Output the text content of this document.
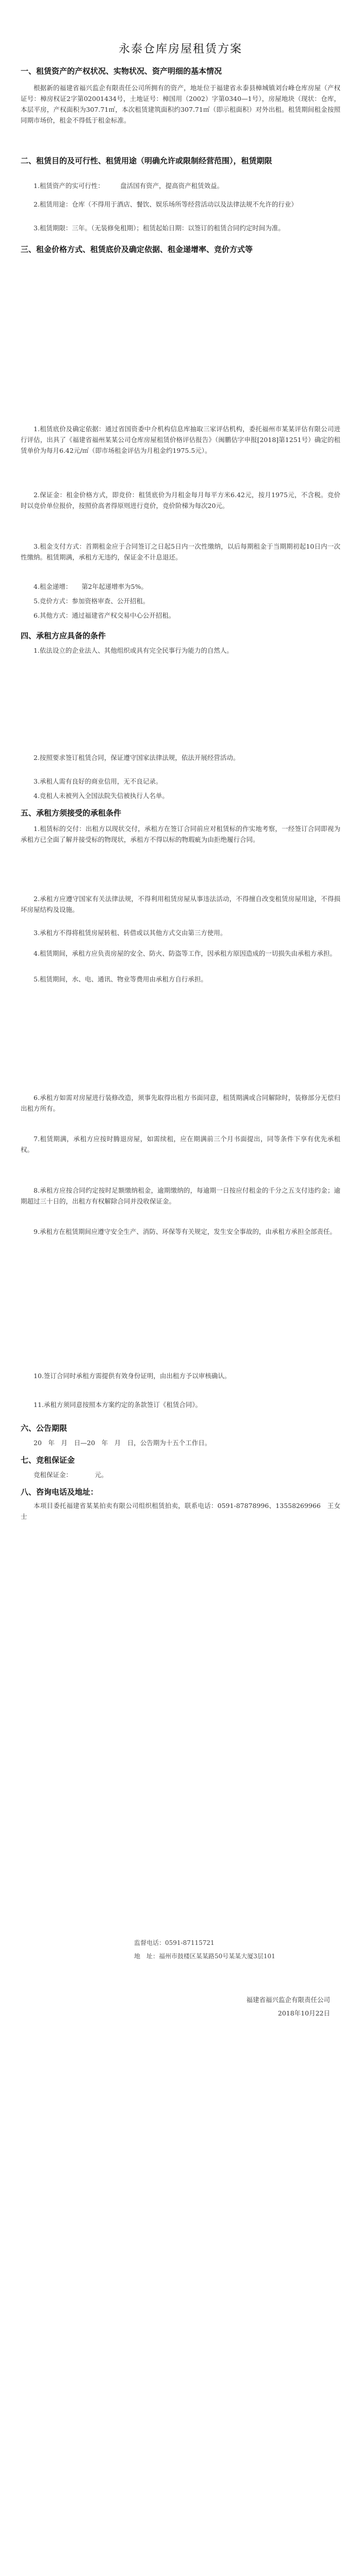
永泰仓库房屋租赁方案
一、租赁资产的产权状况、实物状况、资产明细的基本情况
根据新的福建省福兴监企有限责任公司所拥有的资产，地址位于福建省永泰县樟城镇刘台峰仓库房屋（产权证号：樟房权证2字第02001434号，土地证号：樟国用（2002）字第0340—1号），房屋地块（现状：仓库，本层平房，产权面积为307.71㎡，本次租赁建筑面积约307.71㎡（即示租面积）对外出租。租赁期间租金按照同期市场价，租金不得低于租金标准。
二、租赁目的及可行性、租赁用途（明确允许或限制经营范围），租赁期限
1.租赁资产的实可行性：　　　盘活国有资产，提高资产租赁效益。
2.租赁用途：仓库（不得用于酒店、餐饮、娱乐场所等经营活动以及法律法规不允许的行业）
3.租赁期限：三年。（无装修免租期）；租赁起始日期：以签订的租赁合同约定时间为准。
三、租金价格方式、租赁底价及确定依据、租金递增率、竞价方式等
1.租赁底价及确定依据：通过省国资委中介机构信息库抽取三家评估机构，委托福州市某某评估有限公司进行评估，出具了《福建省福州某某公司仓库房屋租赁价格评估报告》（闽鹏估字申报[2018]第1251号）确定的租赁单价为每月6.42元/㎡（即市场租金评估为月租金约1975.5元）。
2.保证金：租金价格方式，即竞价：租赁底价为月租金每月每平方米6.42元，按月1975元，不含税。竞价时以竞价单位报价，按照价高者得原则进行竞价，竞价阶梯为每次20元。
3.租金支付方式：首期租金应于合同签订之日起5日内一次性缴纳，以后每期租金于当期期初起10日内一次性缴纳。租赁期满，承租方无违约，保证金不计息退还。
4.租金递增：　　第2年起递增率为5%。
5.竞价方式：参加资格审查、公开招租。
6.其他方式：通过福建省产权交易中心公开招租。
四、承租方应具备的条件
1.依法设立的企业法人、其他组织或具有完全民事行为能力的自然人。
2.按照要求签订租赁合同，保证遵守国家法律法规，依法开展经营活动。
3.承租人需有良好的商业信用，无不良记录。
4.竞租人未被列入全国法院失信被执行人名单。
五、承租方须接受的承租条件
1.租赁标的交付：出租方以现状交付，承租方在签订合同前应对租赁标的作实地考察，一经签订合同即视为承租方已全面了解并接受标的物现状，承租方不得以标的物瑕疵为由拒绝履行合同。
2.承租方应遵守国家有关法律法规，不得利用租赁房屋从事违法活动，不得擅自改变租赁房屋用途，不得损坏房屋结构及设施。
3.承租方不得将租赁房屋转租、转借或以其他方式交由第三方使用。
4.租赁期间，承租方应负责房屋的安全、防火、防盗等工作，因承租方原因造成的一切损失由承租方承担。
5.租赁期间，水、电、通讯、物业等费用由承租方自行承担。
6.承租方如需对房屋进行装修改造，须事先取得出租方书面同意，租赁期满或合同解除时，装修部分无偿归出租方所有。
7.租赁期满，承租方应按时腾退房屋，如需续租，应在期满前三个月书面提出，同等条件下享有优先承租权。
8.承租方应按合同约定按时足额缴纳租金，逾期缴纳的，每逾期一日按应付租金的千分之五支付违约金；逾期超过三十日的，出租方有权解除合同并没收保证金。
9.承租方在租赁期间应遵守安全生产、消防、环保等有关规定，发生安全事故的，由承租方承担全部责任。
10.签订合同时承租方需提供有效身份证明，由出租方予以审核确认。
11.承租方须同意按照本方案约定的条款签订《租赁合同》。
六、公告期限
20　年　月　日—20　年　月　日，公告期为十五个工作日。
七、竞租保证金
竞租保证金：　　　　元。
八、咨询电话及地址：
本项目委托福建省某某拍卖有限公司组织租赁拍卖，联系电话：0591-87878996、13558269966　王女士
监督电话：0591-87115721
地　址：福州市鼓楼区某某路50号某某大厦3层101
福建省福兴监企有限责任公司
2018年10月22日
